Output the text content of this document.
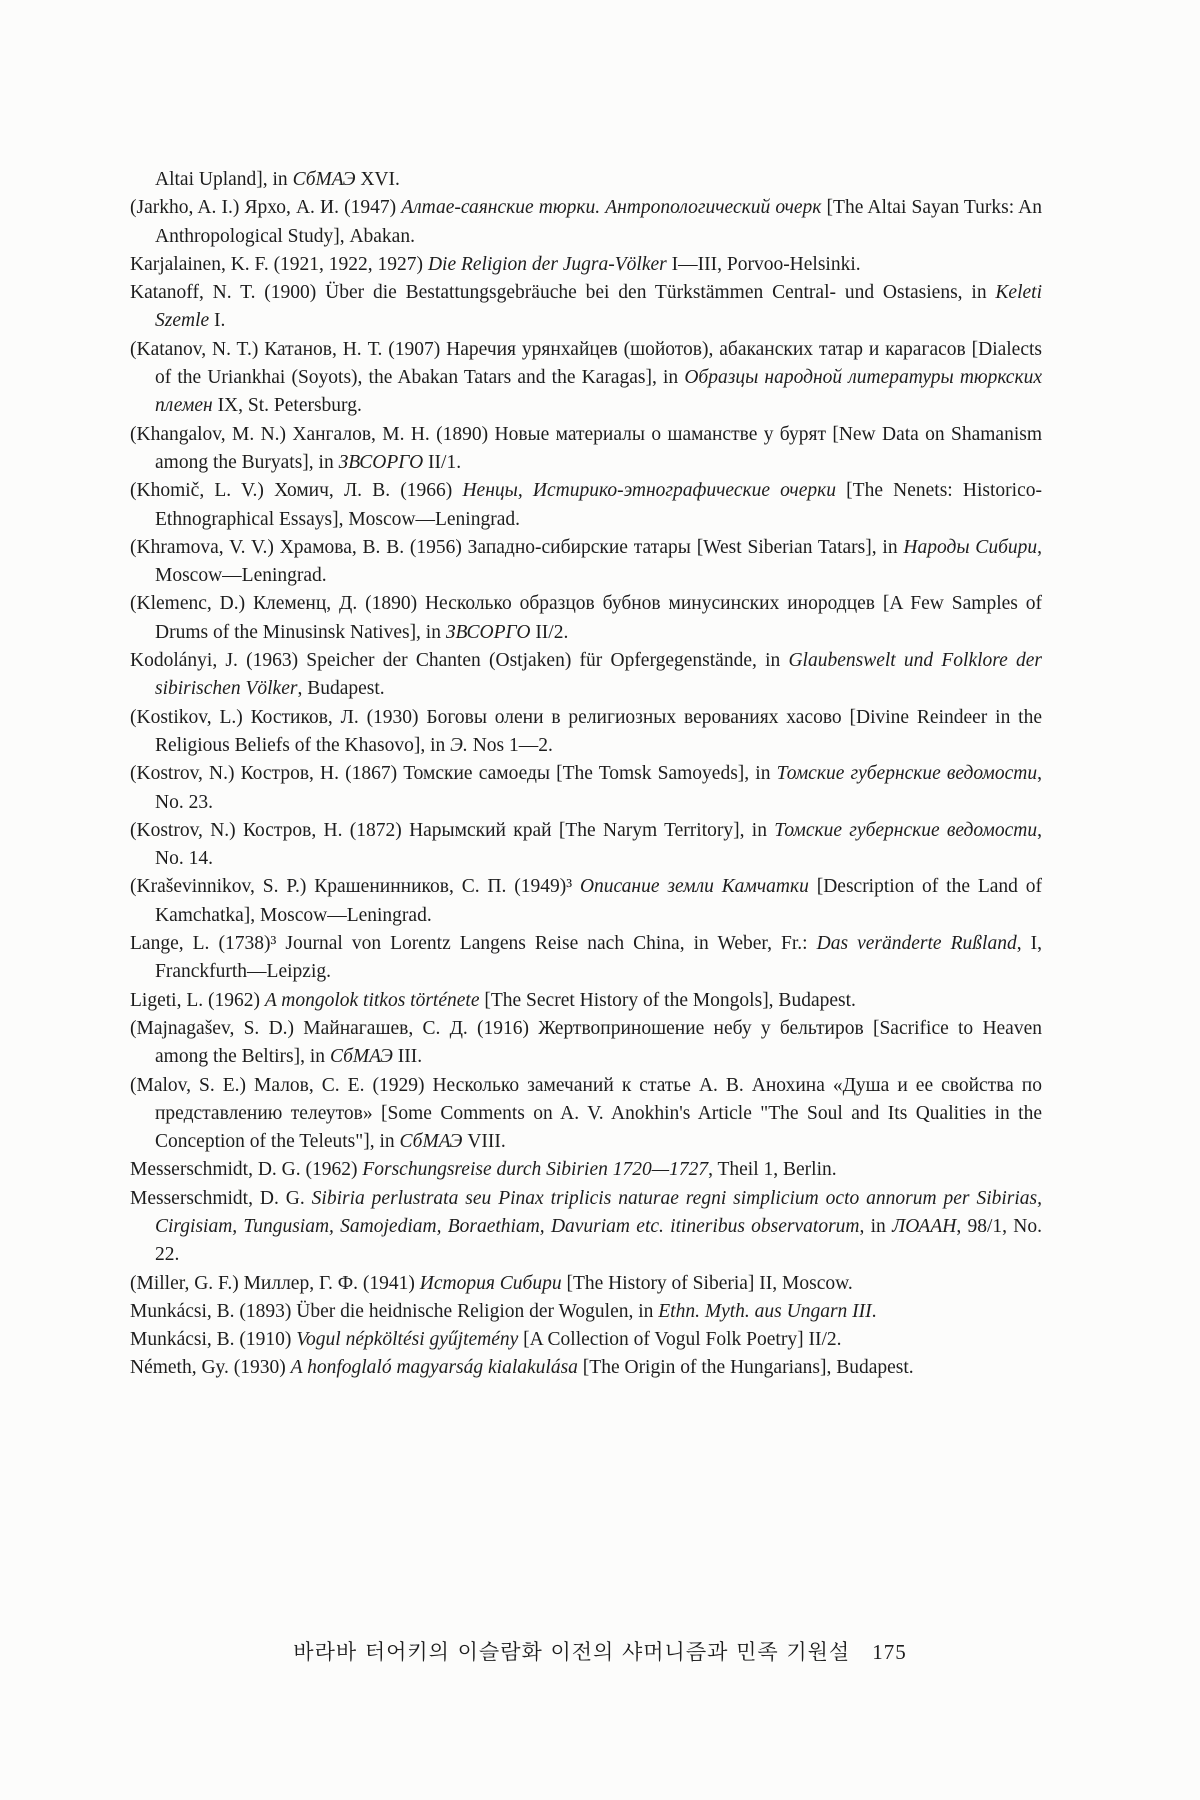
Altai Upland], in СбМАЭ XVI.

(Jarkho, A. I.) Ярхо, А. И. (1947) Алтае-саянские тюрки. Антропологический очерк [The Altai Sayan Turks: An Anthropological Study], Abakan.

Karjalainen, K. F. (1921, 1922, 1927) Die Religion der Jugra-Völker I—III, Porvoo-Helsinki.

Katanoff, N. T. (1900) Über die Bestattungsgebräuche bei den Türkstämmen Central- und Ostasiens, in Keleti Szemle I.

(Katanov, N. T.) Катанов, Н. Т. (1907) Наречия урянхайцев (шойотов), абаканских татар и карагасов [Dialects of the Uriankhai (Soyots), the Abakan Tatars and the Karagas], in Образцы народной литературы тюркских племен IX, St. Petersburg.

(Khangalov, M. N.) Хангалов, М. Н. (1890) Новые материалы о шаманстве у бурят [New Data on Shamanism among the Buryats], in ЗВСОРГО II/1.

(Khomič, L. V.) Хомич, Л. В. (1966) Ненцы, Истирико-этнографические очерки [The Nenets: Historico-Ethnographical Essays], Moscow—Leningrad.

(Khramova, V. V.) Храмова, В. В. (1956) Западно-сибирские татары [West Siberian Tatars], in Народы Сибири, Moscow—Leningrad.

(Klemenc, D.) Клеменц, Д. (1890) Несколько образцов бубнов минусинских инородцев [A Few Samples of Drums of the Minusinsk Natives], in ЗВСОРГО II/2.

Kodolányi, J. (1963) Speicher der Chanten (Ostjaken) für Opfergegenstände, in Glaubenswelt und Folklore der sibirischen Völker, Budapest.

(Kostikov, L.) Костиков, Л. (1930) Боговы олени в религиозных верованиях хасово [Divine Reindeer in the Religious Beliefs of the Khasovo], in Э. Nos 1—2.

(Kostrov, N.) Костров, Н. (1867) Томские самоеды [The Tomsk Samoyeds], in Томские губернские ведомости, No. 23.

(Kostrov, N.) Костров, Н. (1872) Нарымский край [The Narym Territory], in Томские губернские ведомости, No. 14.

(Kraševinnikov, S. P.) Крашенинников, С. П. (1949)³ Описание земли Камчатки [Description of the Land of Kamchatka], Moscow—Leningrad.

Lange, L. (1738)³ Journal von Lorentz Langens Reise nach China, in Weber, Fr.: Das veränderte Rußland, I, Franckfurth—Leipzig.

Ligeti, L. (1962) A mongolok titkos története [The Secret History of the Mongols], Budapest.

(Majnagašev, S. D.) Майнагашев, С. Д. (1916) Жертвоприношение небу у бельтиров [Sacrifice to Heaven among the Beltirs], in СбМАЭ III.

(Malov, S. E.) Малов, С. Е. (1929) Несколько замечаний к статье А. В. Анохина «Душа и ее свойства по представлению телеутов» [Some Comments on A. V. Anokhin's Article "The Soul and Its Qualities in the Conception of the Teleuts"], in СбМАЭ VIII.

Messerschmidt, D. G. (1962) Forschungsreise durch Sibirien 1720—1727, Theil 1, Berlin.

Messerschmidt, D. G. Sibiria perlustrata seu Pinax triplicis naturae regni simplicium octo annorum per Sibirias, Cirgisiam, Tungusiam, Samojediam, Boraethiam, Davuriam etc. itineribus observatorum, in ЛОААН, 98/1, No. 22.

(Miller, G. F.) Миллер, Г. Ф. (1941) История Сибири [The History of Siberia] II, Moscow.

Munkácsi, B. (1893) Über die heidnische Religion der Wogulen, in Ethn. Myth. aus Ungarn III.

Munkácsi, B. (1910) Vogul népköltési gyűjtemény [A Collection of Vogul Folk Poetry] II/2.

Németh, Gy. (1930) A honfoglaló magyarság kialakulása [The Origin of the Hungarians], Budapest.

바라바 터어키의 이슬람화 이전의 샤머니즘과 민족 기원설 175
